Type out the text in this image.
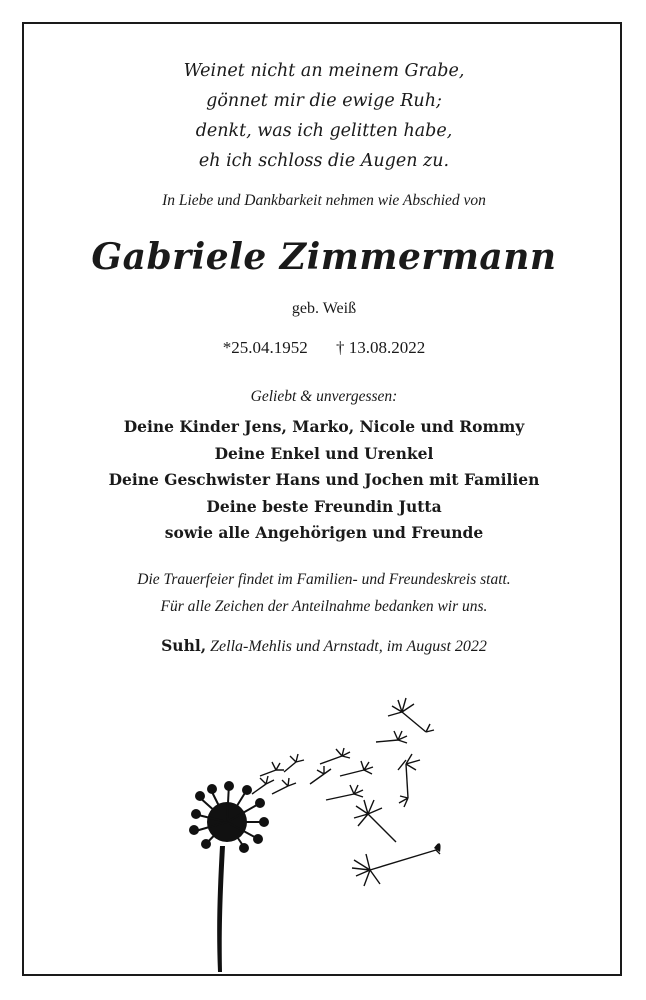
Weinet nicht an meinem Grabe,
gönnet mir die ewige Ruh;
denkt, was ich gelitten habe,
eh ich schloss die Augen zu.
In Liebe und Dankbarkeit nehmen wie Abschied von
Gabriele Zimmermann
geb. Weiß
*25.04.1952 † 13.08.2022
Geliebt & unvergessen:
Deine Kinder Jens, Marko, Nicole und Rommy
Deine Enkel und Urenkel
Deine Geschwister Hans und Jochen mit Familien
Deine beste Freundin Jutta
sowie alle Angehörigen und Freunde
Die Trauerfeier findet im Familien- und Freundeskreis statt.
Für alle Zeichen der Anteilnahme bedanken wir uns.
Suhl, Zella-Mehlis und Arnstadt, im August 2022
